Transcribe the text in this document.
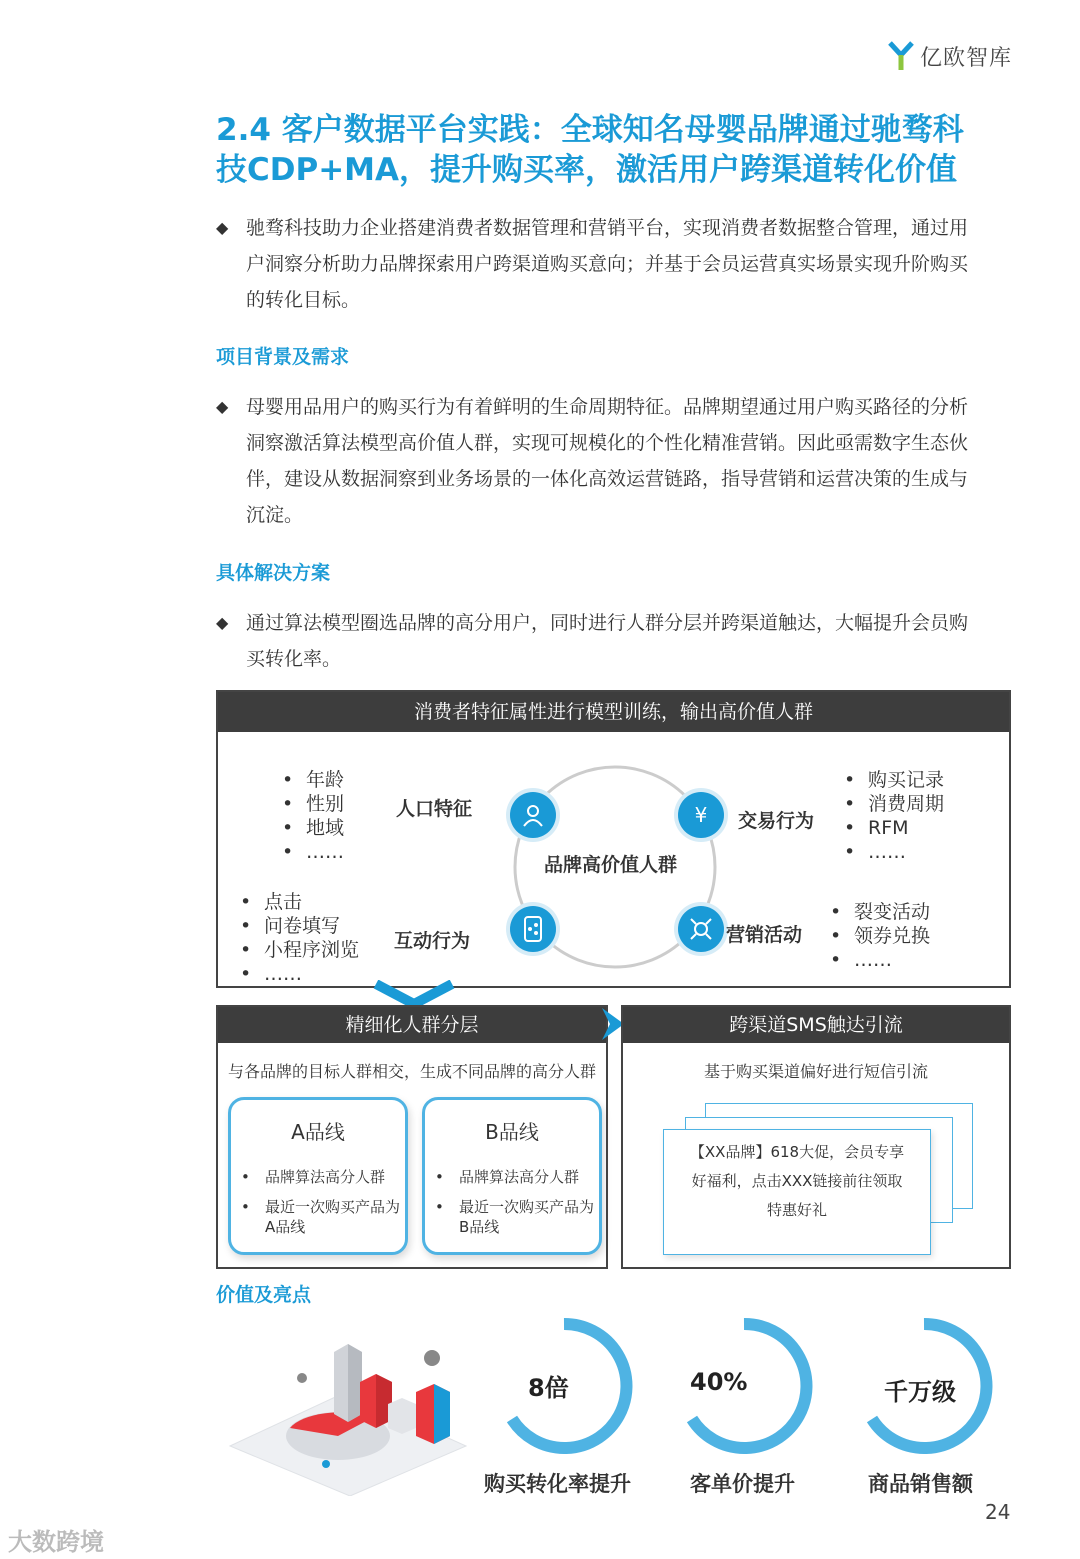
亿欧智库
2.4 客户数据平台实践：全球知名母婴品牌通过驰骛科
技CDP+MA，提升购买率，激活用户跨渠道转化价值
◆ 驰骛科技助力企业搭建消费者数据管理和营销平台，实现消费者数据整合管理，通过用
户洞察分析助力品牌探索用户跨渠道购买意向；并基于会员运营真实场景实现升阶购买
的转化目标。
项目背景及需求
◆ 母婴用品用户的购买行为有着鲜明的生命周期特征。品牌期望通过用户购买路径的分析
洞察激活算法模型高价值人群，实现可规模化的个性化精准营销。因此亟需数字生态伙
伴，建设从数据洞察到业务场景的一体化高效运营链路，指导营销和运营决策的生成与
沉淀。
具体解决方案
◆ 通过算法模型圈选品牌的高分用户，同时进行人群分层并跨渠道触达，大幅提升会员购
买转化率。
消费者特征属性进行模型训练，输出高价值人群
品牌高价值人群
• 年龄
• 性别
• 地域
• ……
人口特征	¥	交易行为
• 购买记录
• 消费周期
• RFM
• ……
• 点击
• 问卷填写
• 小程序浏览
• ……
互动行为	营销活动
• 裂变活动
• 领券兑换
• ……
精细化人群分层
与各品牌的目标人群相交，生成不同品牌的高分人群
A品线
• 品牌算法高分人群
• 最近一次购买产品为A品线
B品线
• 品牌算法高分人群
• 最近一次购买产品为B品线
跨渠道SMS触达引流
基于购买渠道偏好进行短信引流
【XX品牌】618大促，会员专享
好福利，点击XXX链接前往领取
特惠好礼
价值及亮点
8倍
购买转化率提升
40%
客单价提升
千万级
商品销售额
24
大数跨境
